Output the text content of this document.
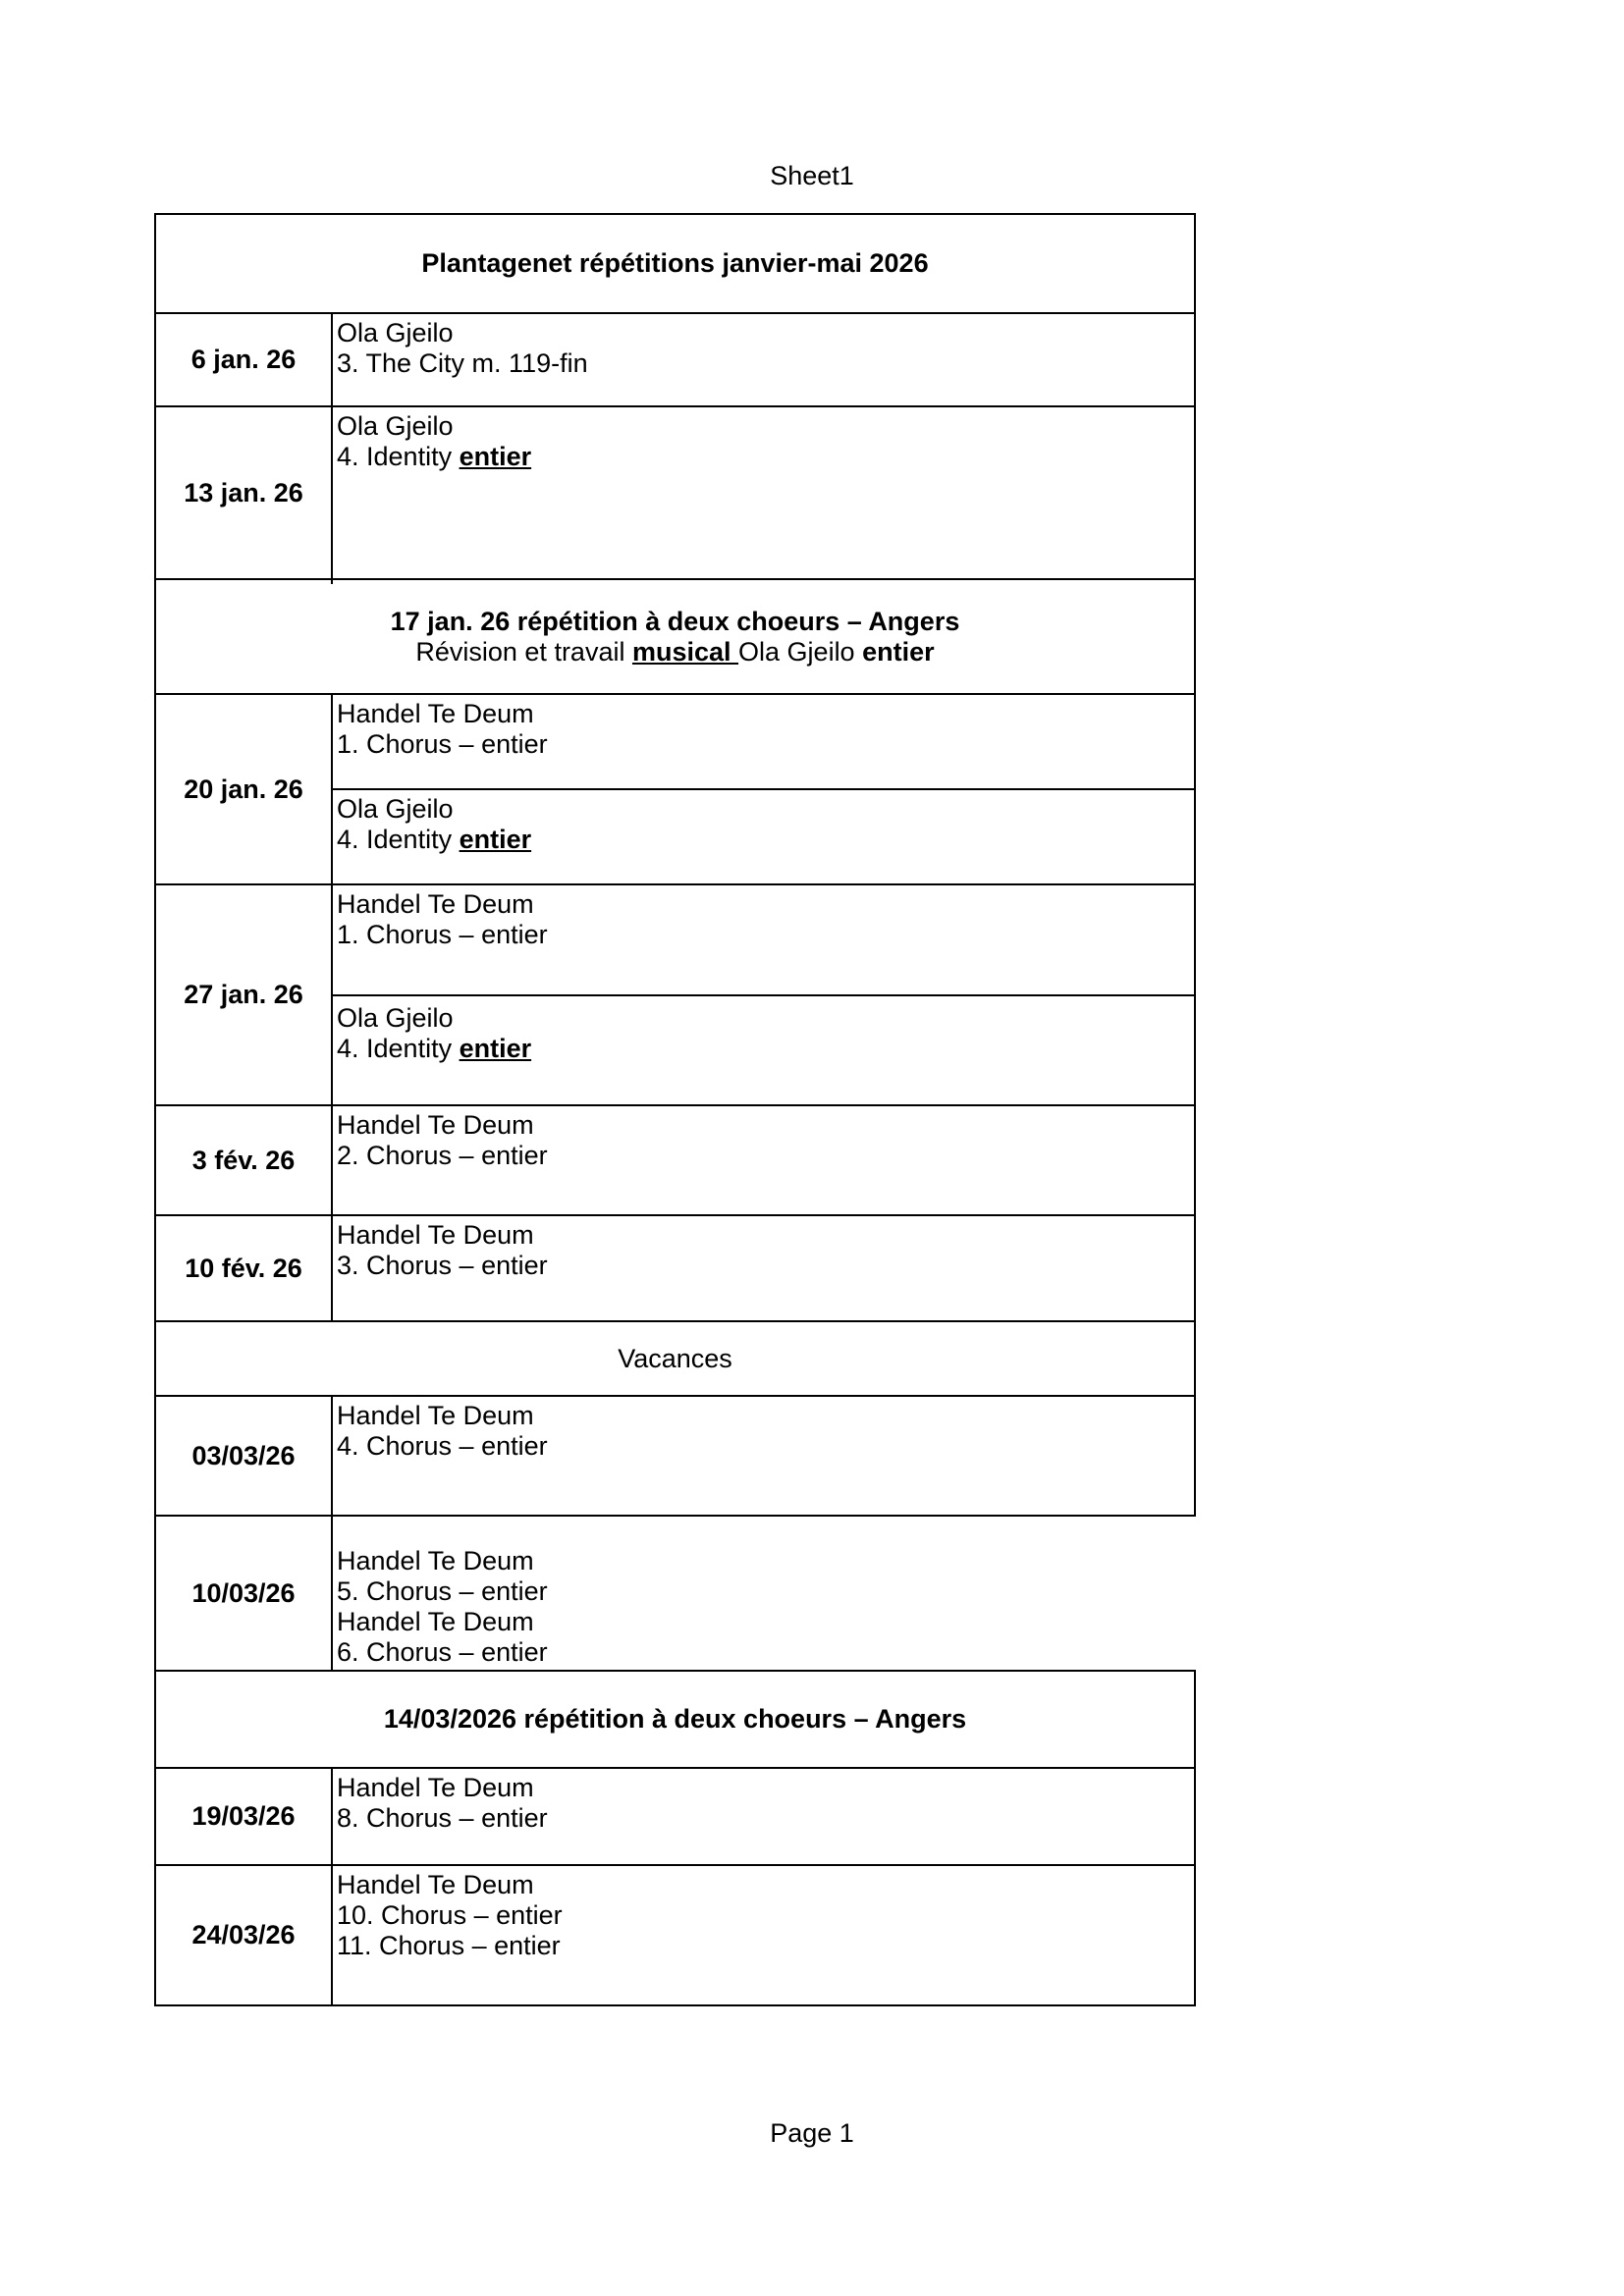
Sheet1
Plantagenet répétitions janvier-mai 2026
6 jan. 26
Ola Gjeilo
3. The City m. 119-fin
13 jan. 26
Ola Gjeilo
4. Identity entier
17 jan. 26 répétition à deux choeurs – Angers
Révision et travail musical Ola Gjeilo entier
20 jan. 26
Handel Te Deum
1. Chorus – entier
Ola Gjeilo
4. Identity entier
27 jan. 26
Handel Te Deum
1. Chorus – entier
Ola Gjeilo
4. Identity entier
3 fév. 26
Handel Te Deum
2. Chorus – entier
10 fév. 26
Handel Te Deum
3. Chorus – entier
Vacances
03/03/26
Handel Te Deum
4. Chorus – entier
10/03/26
Handel Te Deum
5. Chorus – entier
Handel Te Deum
6. Chorus – entier
14/03/2026 répétition à deux choeurs – Angers
19/03/26
Handel Te Deum
8. Chorus – entier
24/03/26
Handel Te Deum
10. Chorus – entier
11. Chorus – entier
Page 1
